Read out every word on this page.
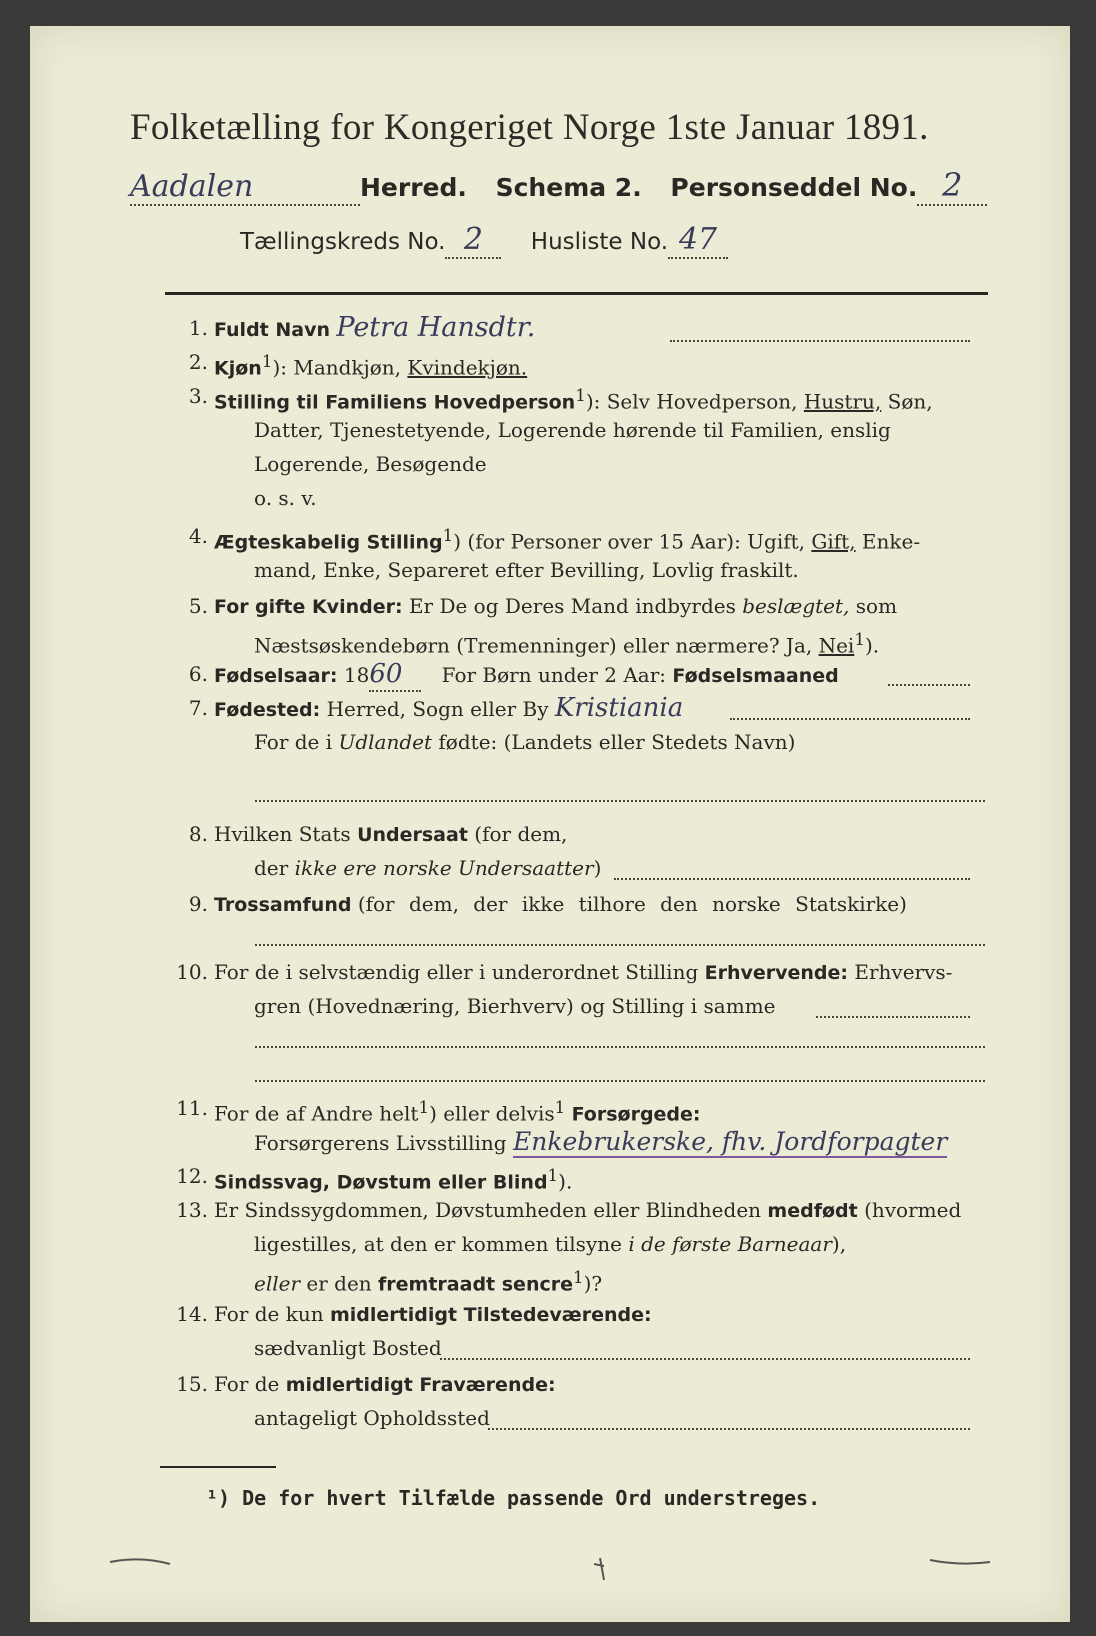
Folketælling for Kongeriget Norge 1ste Januar 1891.
Aadalen	Herred. Schema 2. Personseddel No. 2
Tællingskreds No. 2 Husliste No. 47
1. Fuldt Navn Petra Hansdtr.
2. Kjøn$^1$): Mandkjøn, Kvindekjøn.
3. Stilling til Familiens Hovedperson$^1$): Selv Hovedperson, Hustru, Søn,
Datter, Tjenestetyende, Logerende hørende til Familien, enslig
Logerende, Besøgende
o. s. v.
4. Ægteskabelig Stilling$^1$) (for Personer over 15 Aar): Ugift, Gift, Enke-
mand, Enke, Separeret efter Bevilling, Lovlig fraskilt.
5. For gifte Kvinder: Er De og Deres Mand indbyrdes beslægtet, som
Næstsøskendebørn (Tremenninger) eller nærmere? Ja, Nei$^1$).
6. Fødselsaar: 1860 For Børn under 2 Aar: Fødselsmaaned
7. Fødested: Herred, Sogn eller By Kristiania
For de i Udlandet fødte: (Landets eller Stedets Navn)
8. Hvilken Stats Undersaat (for dem,
der ikke ere norske Undersaatter)
9. Trossamfund (for dem, der ikke tilhore den norske Statskirke)
10. For de i selvstændig eller i underordnet Stilling Erhvervende: Erhvervs-
gren (Hovednæring, Bierhverv) og Stilling i samme
11. For de af Andre helt$^1$) eller delvis$^1$ Forsørgede:
Forsørgerens Livsstilling Enkebrukerske, fhv. Jordforpagter
12. Sindssvag, Døvstum eller Blind$^1$).
13. Er Sindssygdommen, Døvstumheden eller Blindheden medfødt (hvormed
ligestilles, at den er kommen tilsyne i de første Barneaar),
eller er den fremtraadt sencre$^1$)?
14. For de kun midlertidigt Tilstedeværende:
sædvanligt Bosted
15. For de midlertidigt Fraværende:
antageligt Opholdssted
¹) De for hvert Tilfælde passende Ord understreges.
